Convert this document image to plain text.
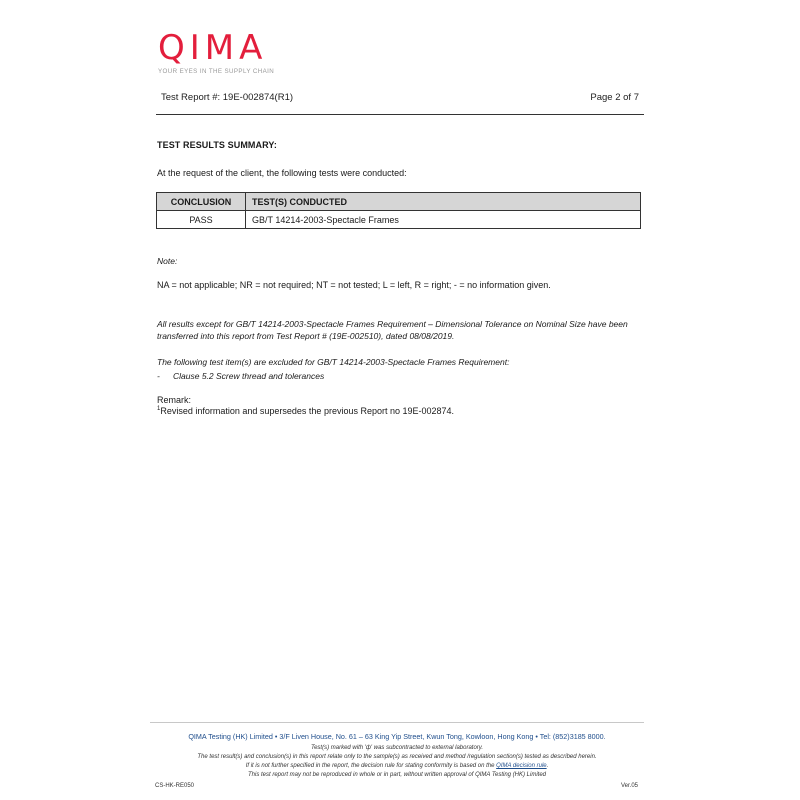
QIMA
YOUR EYES IN THE SUPPLY CHAIN
Test Report #: 19E-002874(R1)	Page 2 of 7
TEST RESULTS SUMMARY:
At the request of the client, the following tests were conducted:
CONCLUSION	TEST(S) CONDUCTED
PASS	GB/T 14214-2003-Spectacle Frames
Note:
NA = not applicable; NR = not required; NT = not tested; L = left, R = right; - = no information given.
All results except for GB/T 14214-2003-Spectacle Frames Requirement – Dimensional Tolerance on Nominal Size have been transferred into this report from Test Report # (19E-002510), dated 08/08/2019.
The following test item(s) are excluded for GB/T 14214-2003-Spectacle Frames Requirement:
- Clause 5.2 Screw thread and tolerances
Remark:
$^1$Revised information and supersedes the previous Report no 19E-002874.
QIMA Testing (HK) Limited • 3/F Liven House, No. 61 – 63 King Yip Street, Kwun Tong, Kowloon, Hong Kong • Tel: (852)3185 8000.
Test(s) marked with 'ф' was subcontracted to external laboratory.
The test result(s) and conclusion(s) in this report relate only to the sample(s) as received and method /regulation section(s) tested as described herein.
If it is not further specified in the report, the decision rule for stating conformity is based on the QIMA decision rule.
This test report may not be reproduced in whole or in part, without written approval of QIMA Testing (HK) Limited
CS-HK-RE050	Ver.05
